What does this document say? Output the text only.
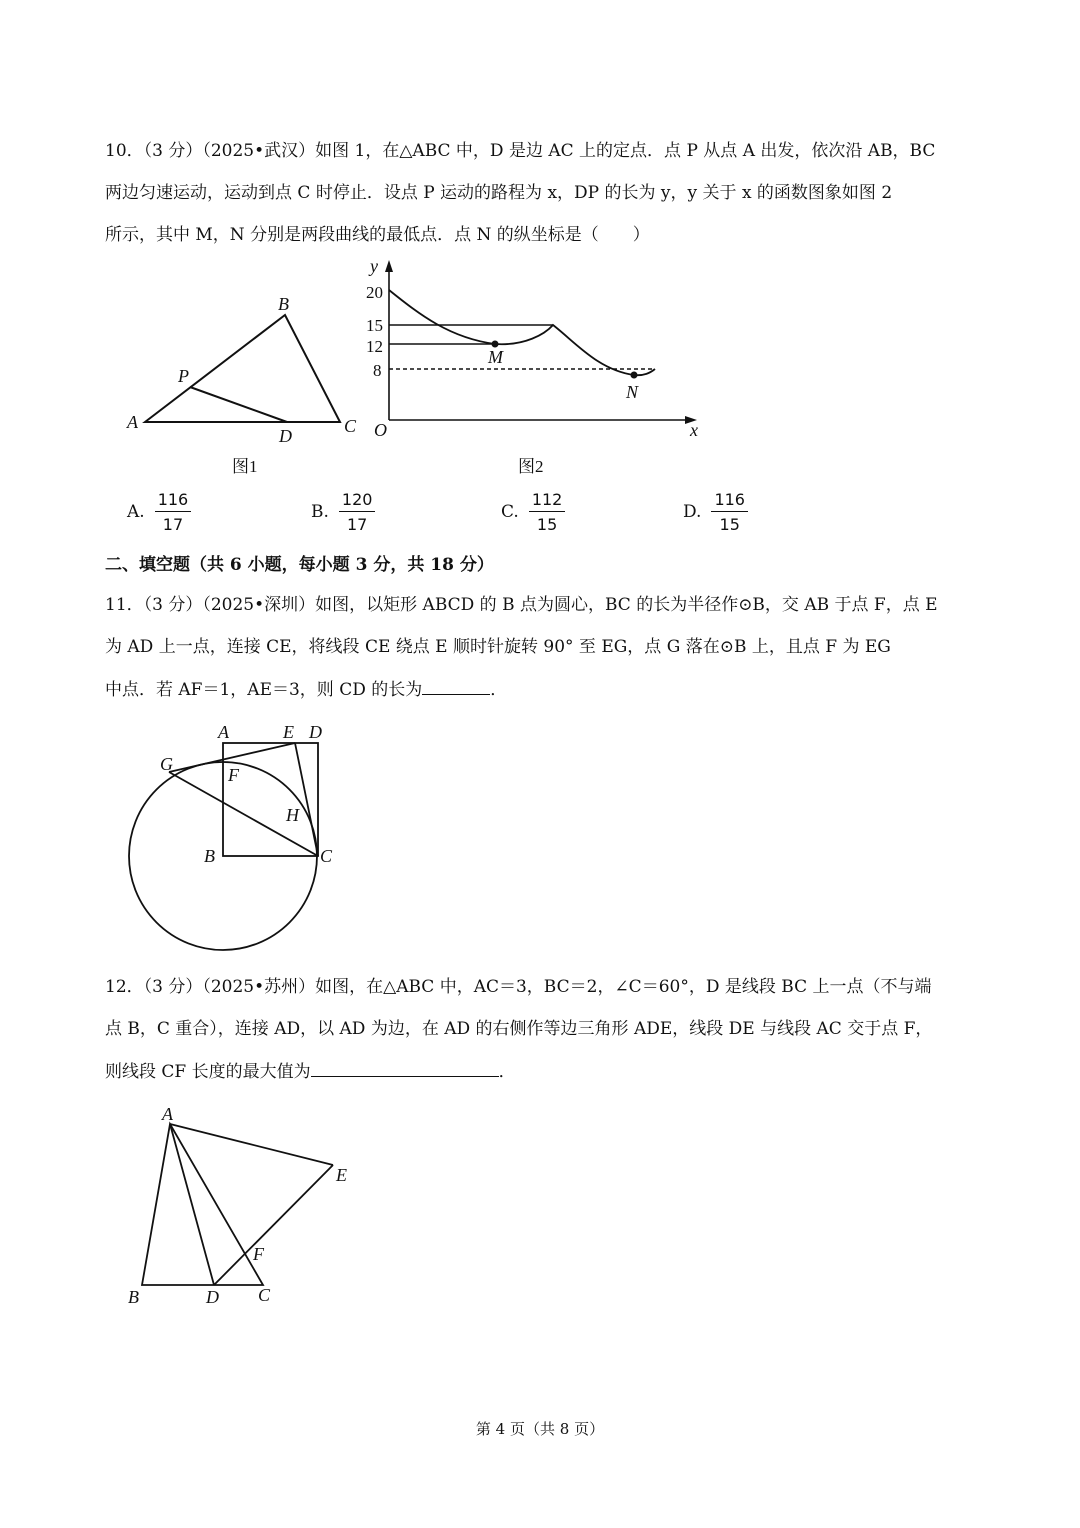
10．（3 分）（2025•武汉）如图 1，在△ABC 中，D 是边 AC 上的定点．点 P 从点 A 出发，依次沿 AB，BC
两边匀速运动，运动到点 C 时停止．设点 P 运动的路程为 x，DP 的长为 y，y 关于 x 的函数图象如图 2
所示，其中 M，N 分别是两段曲线的最低点．点 N 的纵坐标是（　　）
A
B
C
D
P
图1
20
15
12
8
y
x
O
M
N
图2
A	E D
G
F
H
B	C
A
E
F
B	D C
A. $\frac{116}{17}$	B. $\frac{120}{17}$	C. $\frac{112}{15}$	D. $\frac{116}{15}$
二、填空题（共 6 小题，每小题 3 分，共 18 分）
11．（3 分）（2025•深圳）如图，以矩形 ABCD 的 B 点为圆心，BC 的长为半径作⊙B，交 AB 于点 F，点 E
为 AD 上一点，连接 CE，将线段 CE 绕点 E 顺时针旋转 90° 至 EG，点 G 落在⊙B 上，且点 F 为 EG
中点．若 AF＝1，AE＝3，则 CD 的长为	．
12．（3 分）（2025•苏州）如图，在△ABC 中，AC＝3，BC＝2，∠C＝60°，D 是线段 BC 上一点（不与端
点 B，C 重合），连接 AD，以 AD 为边，在 AD 的右侧作等边三角形 ADE，线段 DE 与线段 AC 交于点 F，
则线段 CF 长度的最大值为	．
第 4 页（共 8 页）
